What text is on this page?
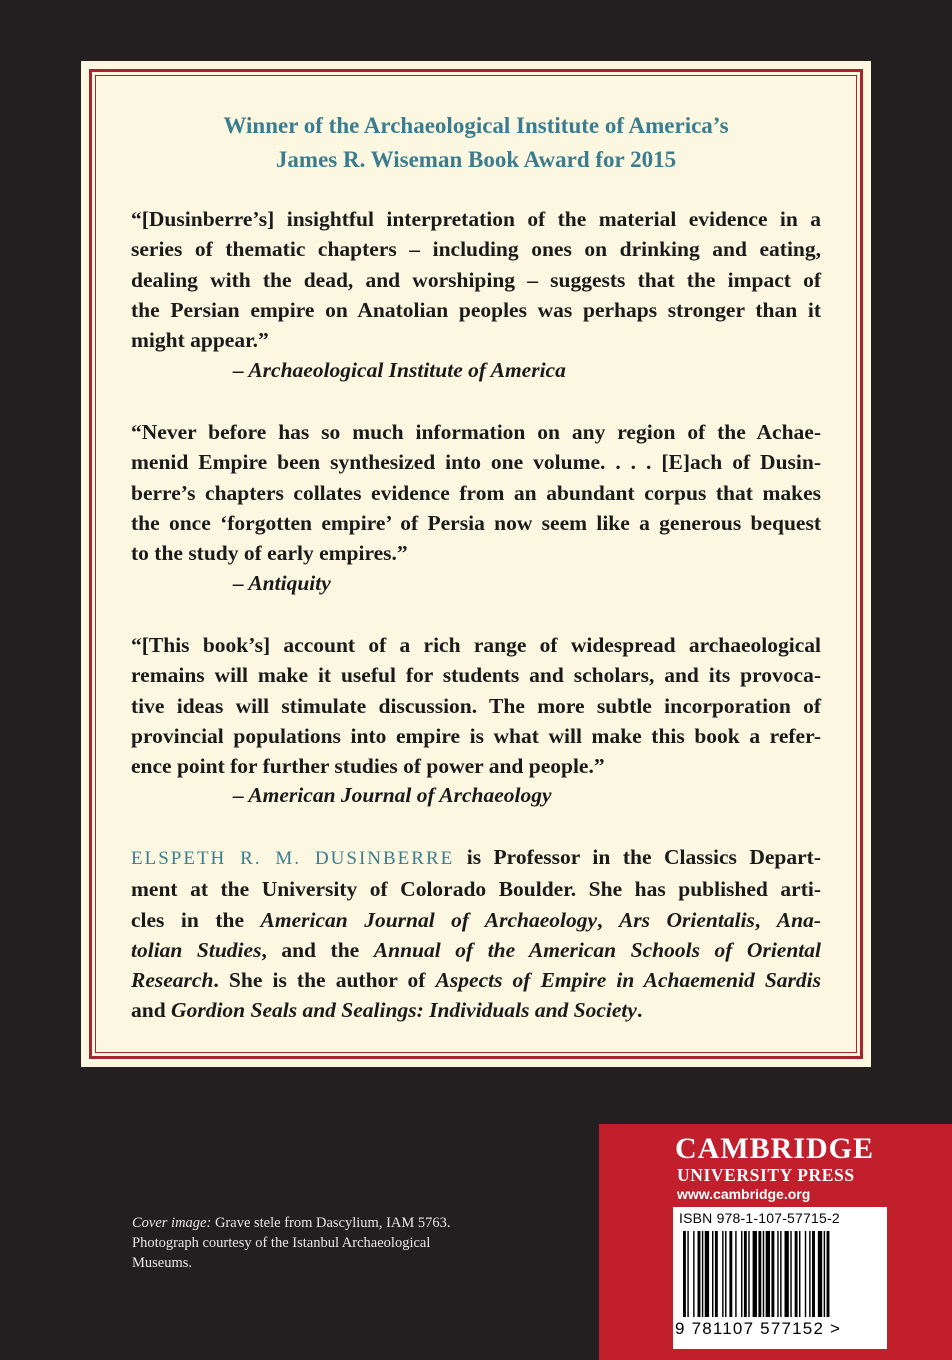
Winner of the Archaeological Institute of America’s
James R. Wiseman Book Award for 2015

“[Dusinberre’s] insightful interpretation of the material evidence in a
series of thematic chapters – including ones on drinking and eating,
dealing with the dead, and worshiping – suggests that the impact of
the Persian empire on Anatolian peoples was perhaps stronger than it
might appear.”

– Archaeological Institute of America

“Never before has so much information on any region of the Achae-
menid Empire been synthesized into one volume. . . . [E]ach of Dusin-
berre’s chapters collates evidence from an abundant corpus that makes
the once ‘forgotten empire’ of Persia now seem like a generous bequest
to the study of early empires.”

– Antiquity

“[This book’s] account of a rich range of widespread archaeological
remains will make it useful for students and scholars, and its provoca-
tive ideas will stimulate discussion. The more subtle incorporation of
provincial populations into empire is what will make this book a refer-
ence point for further studies of power and people.”

– American Journal of Archaeology

ELSPETH R. M. DUSINBERRE is Professor in the Classics Depart-
ment at the University of Colorado Boulder. She has published arti-
cles in the American Journal of Archaeology, Ars Orientalis, Ana-
tolian Studies, and the Annual of the American Schools of Oriental
Research. She is the author of Aspects of Empire in Achaemenid Sardis
and Gordion Seals and Sealings: Individuals and Society.

Cover image: Grave stele from Dascylium, IAM 5763. Photograph courtesy of the Istanbul Archaeological Museums.

CAMBRIDGE

UNIVERSITY PRESS

www.cambridge.org

ISBN 978-1-107-57715-2

9 781107 577152 >
